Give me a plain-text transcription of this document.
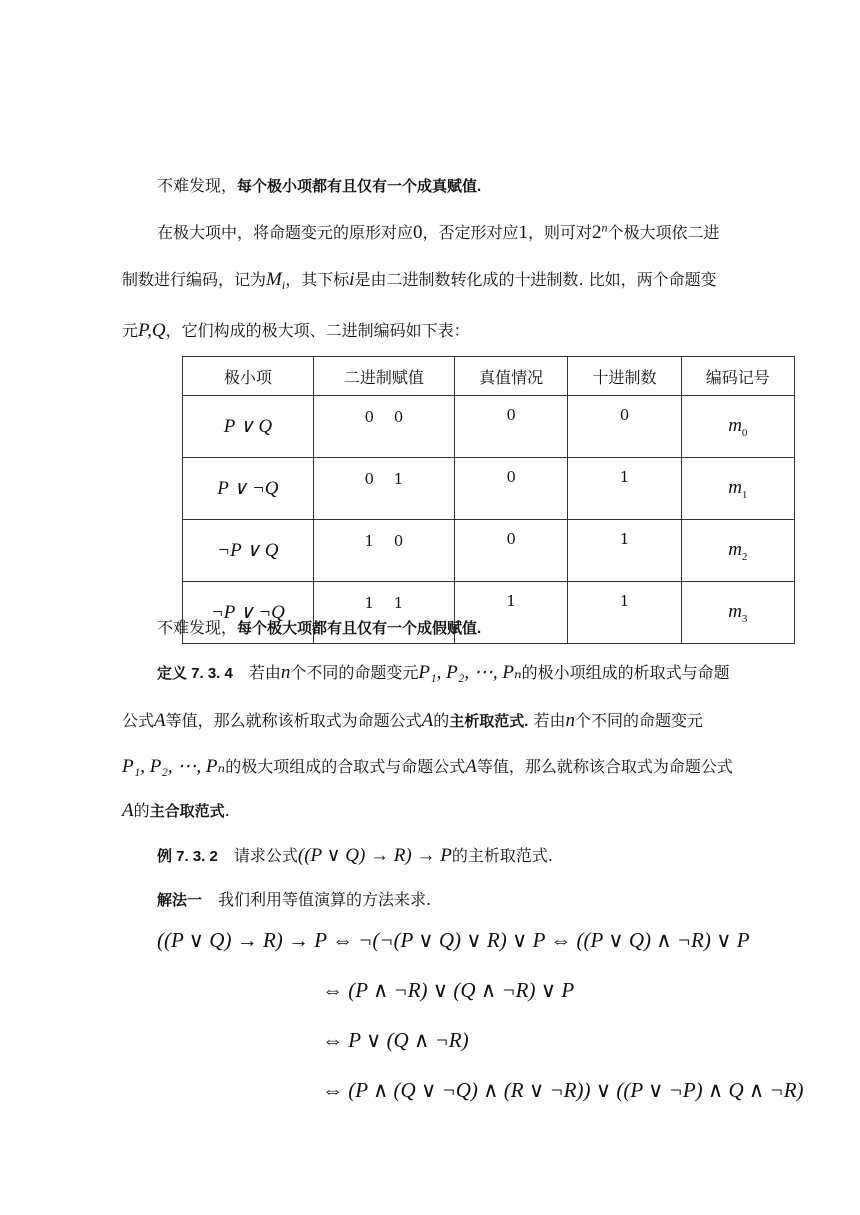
不难发现，每个极小项都有且仅有一个成真赋值.
在极大项中，将命题变元的原形对应0，否定形对应1，则可对2$^n$个极大项依二进
制数进行编码，记为$M_i$，其下标i是由二进制数转化成的十进制数. 比如，两个命题变
元P,Q，它们构成的极大项、二进制编码如下表：
极小项	二进制赋值	真值情况	十进制数	编码记号
P ∨ Q	0　 0	0	0	$m_0$
P ∨ ¬Q	0　 1	0	1	$m_1$
¬P ∨ Q	1　 0	0	1	$m_2$
¬P ∨ ¬Q	1　 1	1	1	$m_3$
不难发现，每个极大项都有且仅有一个成假赋值.
定义 7. 3. 4　 若由n个不同的命题变元P₁, P₂, ⋯, Pₙ的极小项组成的析取式与命题
公式A等值，那么就称该析取式为命题公式A的主析取范式. 若由n个不同的命题变元
P₁, P₂, ⋯, Pₙ的极大项组成的合取式与命题公式A等值，那么就称该合取式为命题公式
A的主合取范式.
例 7. 3. 2　 请求公式((P ∨ Q) → R) → P的主析取范式.
解法一　 我们利用等值演算的方法来求.
((P ∨ Q) → R) → P ⇔ ¬(¬(P ∨ Q) ∨ R) ∨ P ⇔ ((P ∨ Q) ∧ ¬R) ∨ P
⇔ (P ∧ ¬R) ∨ (Q ∧ ¬R) ∨ P
⇔ P ∨ (Q ∧ ¬R)
⇔ (P ∧ (Q ∨ ¬Q) ∧ (R ∨ ¬R)) ∨ ((P ∨ ¬P) ∧ Q ∧ ¬R)
